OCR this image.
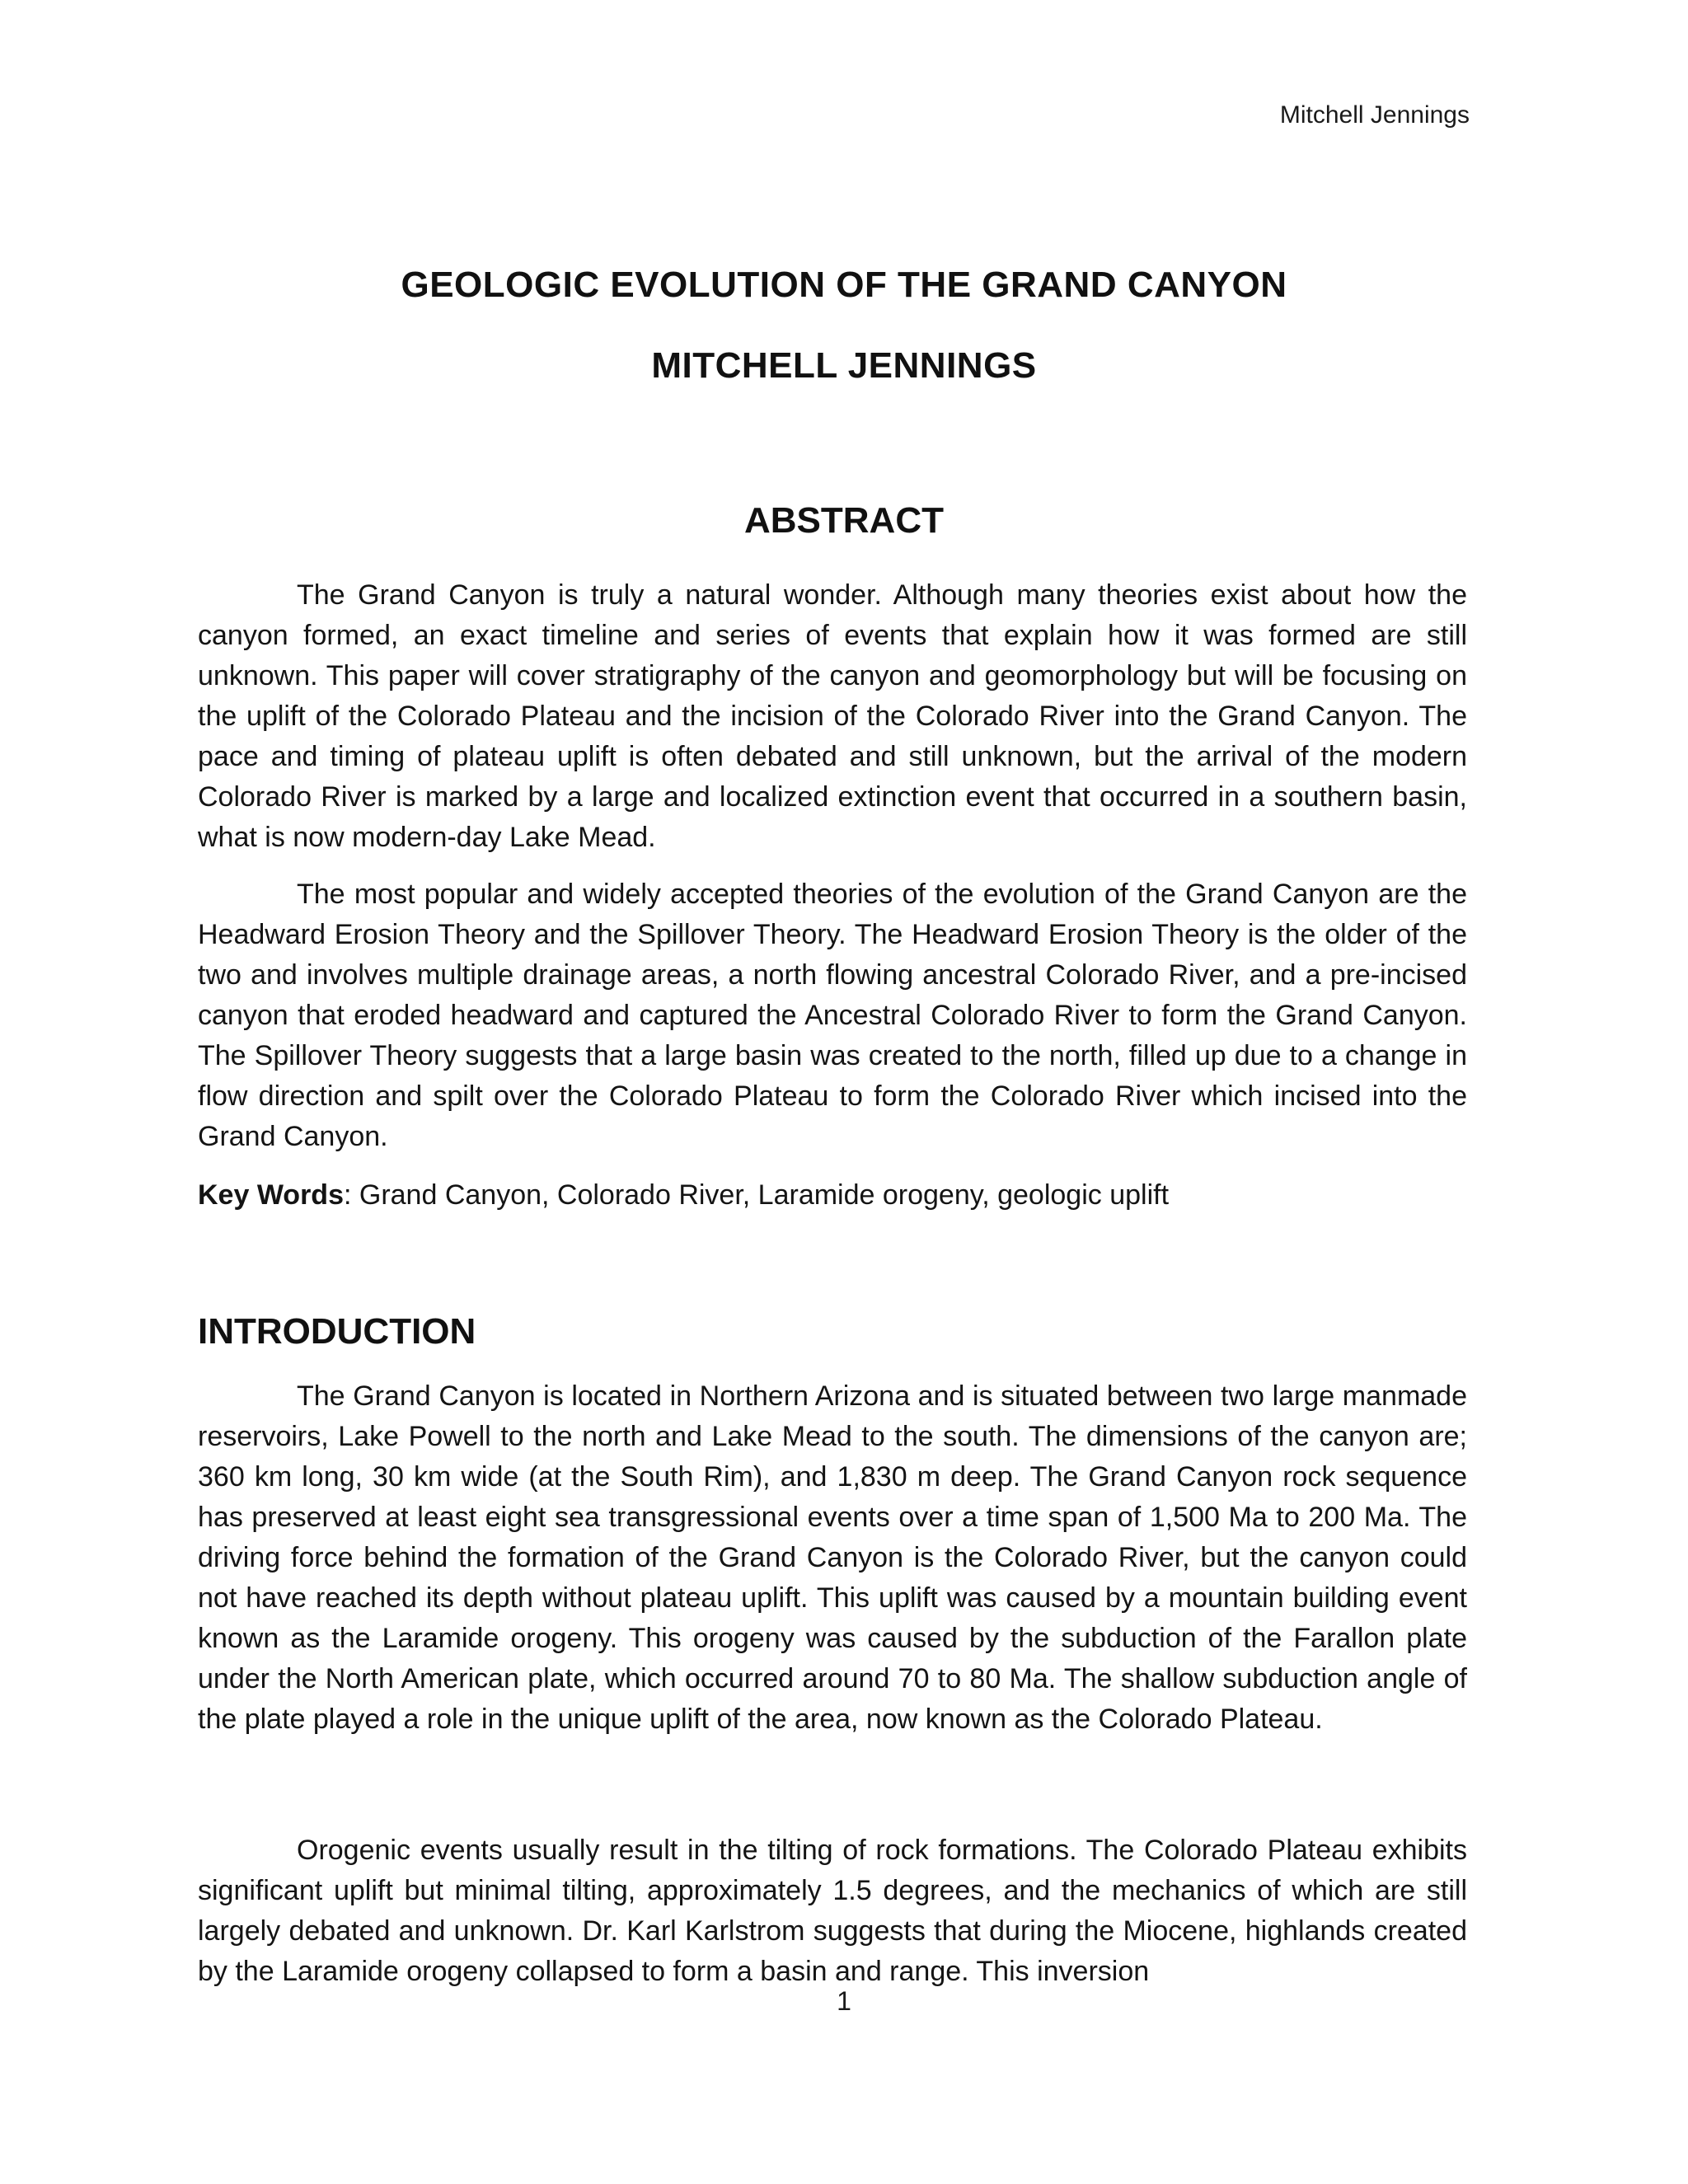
Mitchell Jennings
GEOLOGIC EVOLUTION OF THE GRAND CANYON
MITCHELL JENNINGS
ABSTRACT

The Grand Canyon is truly a natural wonder. Although many theories exist about how the canyon formed, an exact timeline and series of events that explain how it was formed are still unknown. This paper will cover stratigraphy of the canyon and geomorphology but will be focusing on the uplift of the Colorado Plateau and the incision of the Colorado River into the Grand Canyon. The pace and timing of plateau uplift is often debated and still unknown, but the arrival of the modern Colorado River is marked by a large and localized extinction event that occurred in a southern basin, what is now modern-day Lake Mead.

The most popular and widely accepted theories of the evolution of the Grand Canyon are the Headward Erosion Theory and the Spillover Theory. The Headward Erosion Theory is the older of the two and involves multiple drainage areas, a north flowing ancestral Colorado River, and a pre-incised canyon that eroded headward and captured the Ancestral Colorado River to form the Grand Canyon. The Spillover Theory suggests that a large basin was created to the north, filled up due to a change in flow direction and spilt over the Colorado Plateau to form the Colorado River which incised into the Grand Canyon.

Key Words: Grand Canyon, Colorado River, Laramide orogeny, geologic uplift

INTRODUCTION

The Grand Canyon is located in Northern Arizona and is situated between two large manmade reservoirs, Lake Powell to the north and Lake Mead to the south. The dimensions of the canyon are; 360 km long, 30 km wide (at the South Rim), and 1,830 m deep. The Grand Canyon rock sequence has preserved at least eight sea transgressional events over a time span of 1,500 Ma to 200 Ma. The driving force behind the formation of the Grand Canyon is the Colorado River, but the canyon could not have reached its depth without plateau uplift. This uplift was caused by a mountain building event known as the Laramide orogeny. This orogeny was caused by the subduction of the Farallon plate under the North American plate, which occurred around 70 to 80 Ma. The shallow subduction angle of the plate played a role in the unique uplift of the area, now known as the Colorado Plateau.

Orogenic events usually result in the tilting of rock formations. The Colorado Plateau exhibits significant uplift but minimal tilting, approximately 1.5 degrees, and the mechanics of which are still largely debated and unknown. Dr. Karl Karlstrom suggests that during the Miocene, highlands created by the Laramide orogeny collapsed to form a basin and range. This inversion

1
